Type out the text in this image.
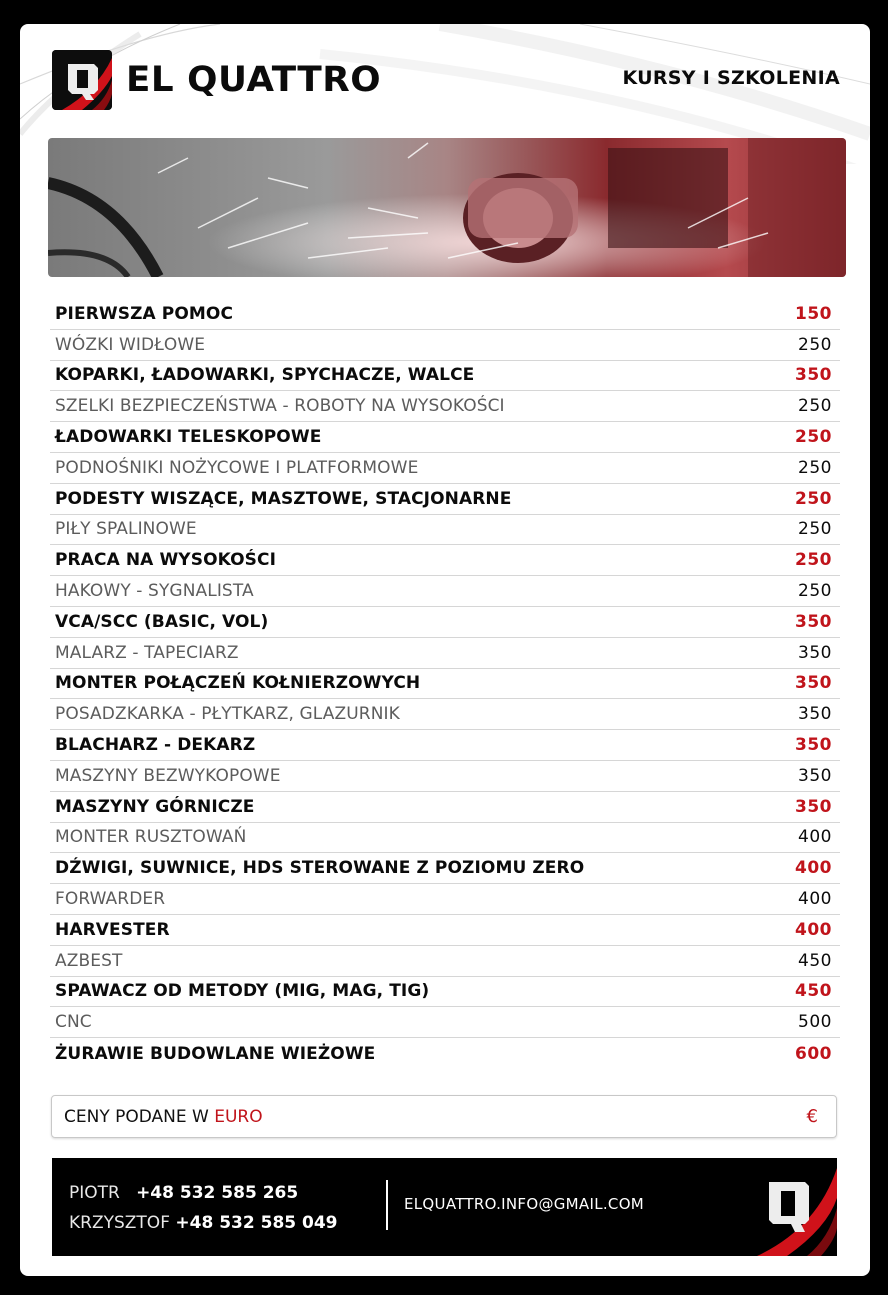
EL QUATTRO	KURSY I SZKOLENIA
PIERWSZA POMOC	150
WÓZKI WIDŁOWE	250
KOPARKI, ŁADOWARKI, SPYCHACZE, WALCE	350
SZELKI BEZPIECZEŃSTWA - ROBOTY NA WYSOKOŚCI	250
ŁADOWARKI TELESKOPOWE	250
PODNOŚNIKI NOŻYCOWE I PLATFORMOWE	250
PODESTY WISZĄCE, MASZTOWE, STACJONARNE	250
PIŁY SPALINOWE	250
PRACA NA WYSOKOŚCI	250
HAKOWY - SYGNALISTA	250
VCA/SCC (BASIC, VOL)	350
MALARZ - TAPECIARZ	350
MONTER POŁĄCZEŃ KOŁNIERZOWYCH	350
POSADZKARKA - PŁYTKARZ, GLAZURNIK	350
BLACHARZ - DEKARZ	350
MASZYNY BEZWYKOPOWE	350
MASZYNY GÓRNICZE	350
MONTER RUSZTOWAŃ	400
DŹWIGI, SUWNICE, HDS STEROWANE Z POZIOMU ZERO	400
FORWARDER	400
HARVESTER	400
AZBEST	450
SPAWACZ OD METODY (MIG, MAG, TIG)	450
CNC	500
ŻURAWIE BUDOWLANE WIEŻOWE	600
CENY PODANE W EURO	€
PIOTR +48 532 585 265
KRZYSZTOF +48 532 585 049
ELQUATTRO.INFO@GMAIL.COM
